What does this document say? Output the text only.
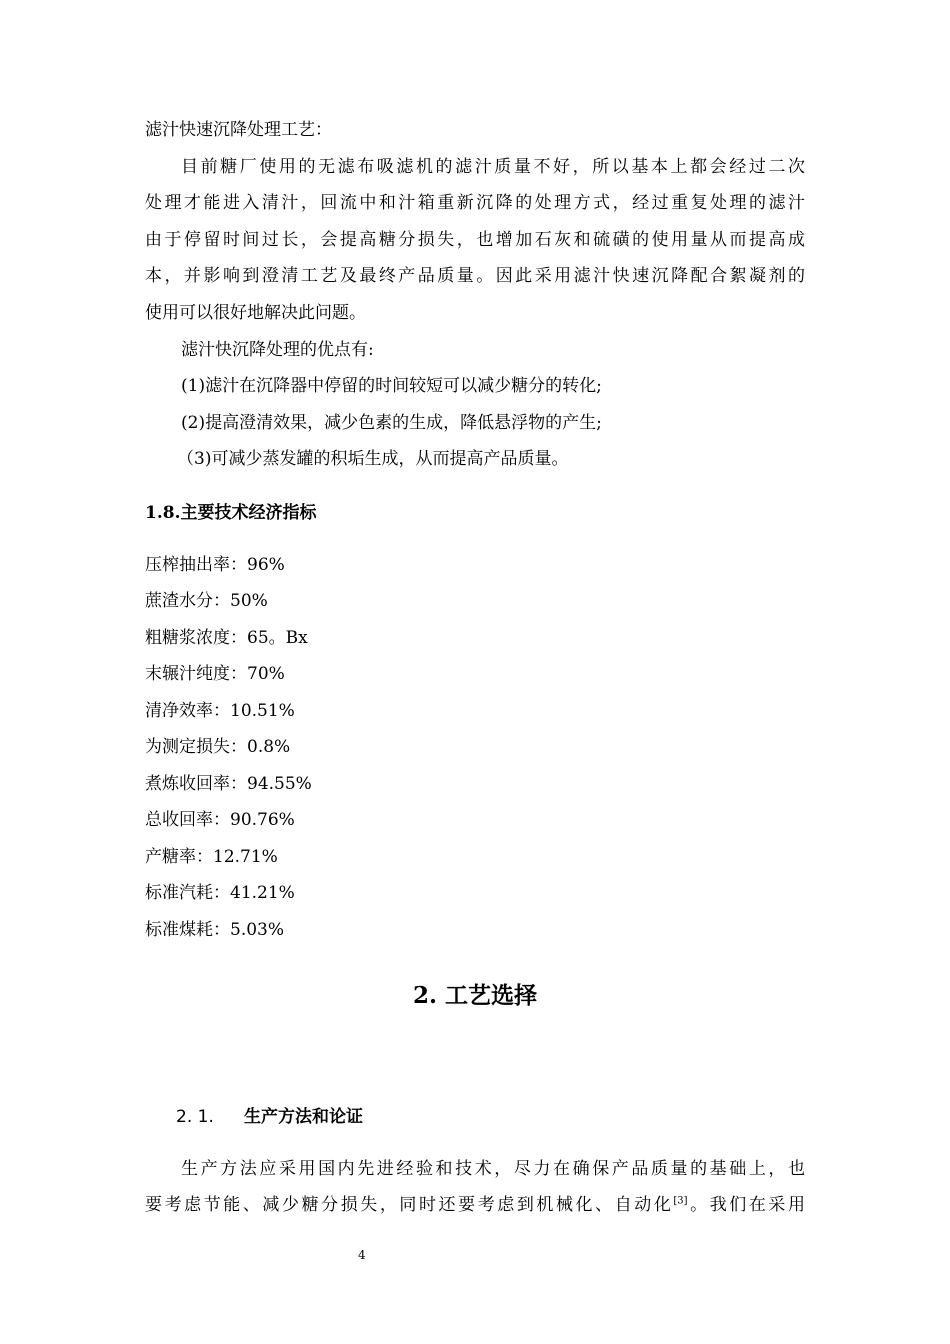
滤汁快速沉降处理工艺：
目前糖厂使用的无滤布吸滤机的滤汁质量不好，所以基本上都会经过二次
处理才能进入清汁，回流中和汁箱重新沉降的处理方式，经过重复处理的滤汁
由于停留时间过长，会提高糖分损失，也增加石灰和硫磺的使用量从而提高成
本，并影响到澄清工艺及最终产品质量。因此采用滤汁快速沉降配合絮凝剂的
使用可以很好地解决此问题。
滤汁快沉降处理的优点有:
(1)滤汁在沉降器中停留的时间较短可以减少糖分的转化;
(2)提高澄清效果，减少色素的生成，降低悬浮物的产生;
（3)可减少蒸发罐的积垢生成，从而提高产品质量。
1.8.主要技术经济指标
压榨抽出率：96%
蔗渣水分：50%
粗糖浆浓度：65。Bx
末辗汁纯度：70%
清净效率：10.51%
为测定损失：0.8%
煮炼收回率：94.55%
总收回率：90.76%
产糖率：12.71%
标准汽耗：41.21%
标准煤耗：5.03%
2. 工艺选择
2. 1. 生产方法和论证
生产方法应采用国内先进经验和技术，尽力在确保产品质量的基础上，也
要考虑节能、减少糖分损失，同时还要考虑到机械化、自动化[3]。我们在采用
4
